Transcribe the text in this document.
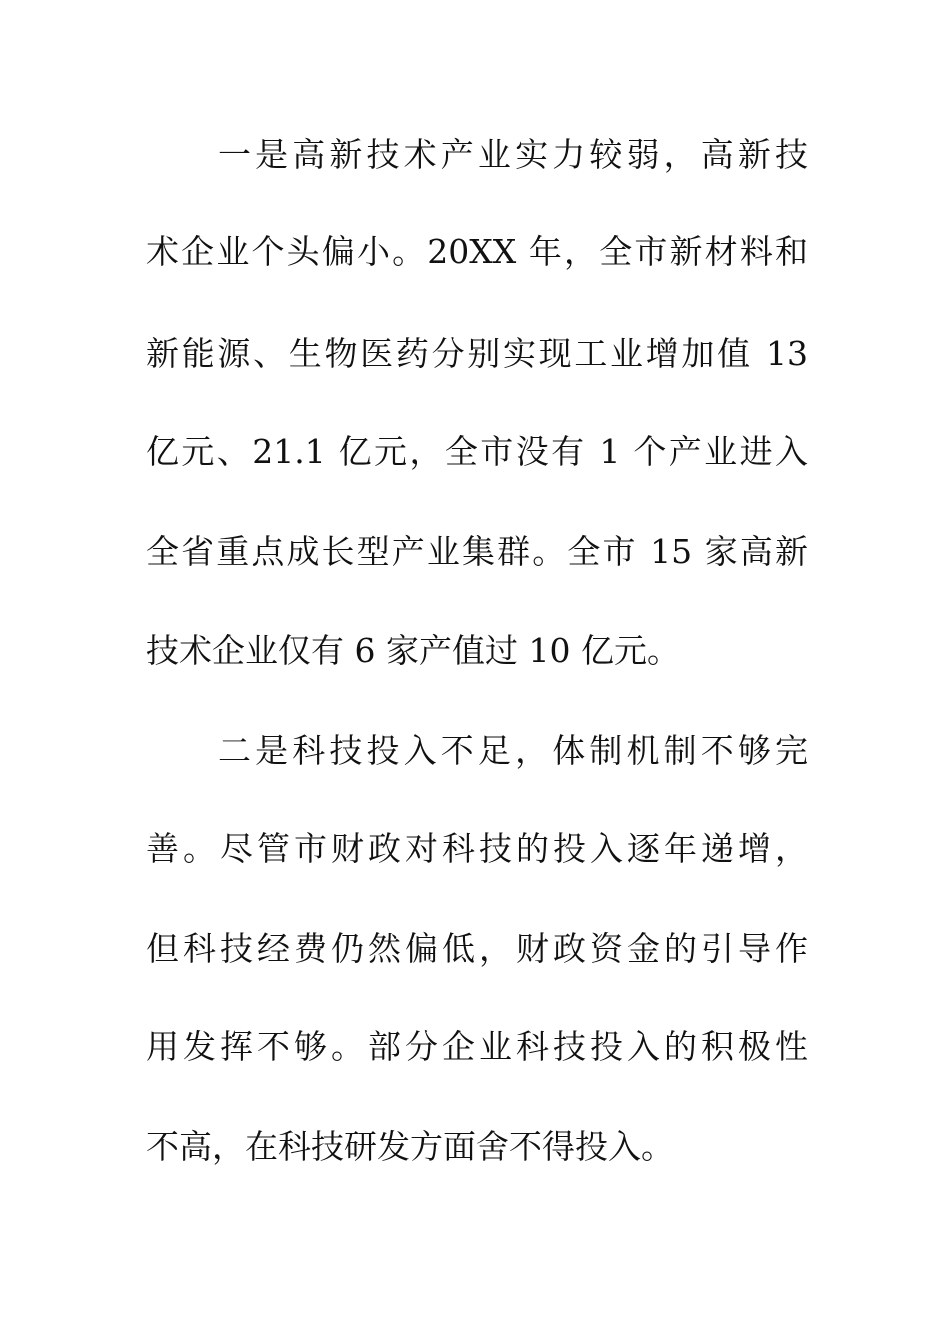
一是高新技术产业实力较弱，高新技
术企业个头偏小。20XX 年，全市新材料和
新能源、生物医药分别实现工业增加值 13
亿元、21.1 亿元，全市没有 1 个产业进入
全省重点成长型产业集群。全市 15 家高新
技术企业仅有 6 家产值过 10 亿元。
二是科技投入不足，体制机制不够完
善。尽管市财政对科技的投入逐年递增，
但科技经费仍然偏低，财政资金的引导作
用发挥不够。部分企业科技投入的积极性
不高，在科技研发方面舍不得投入。
